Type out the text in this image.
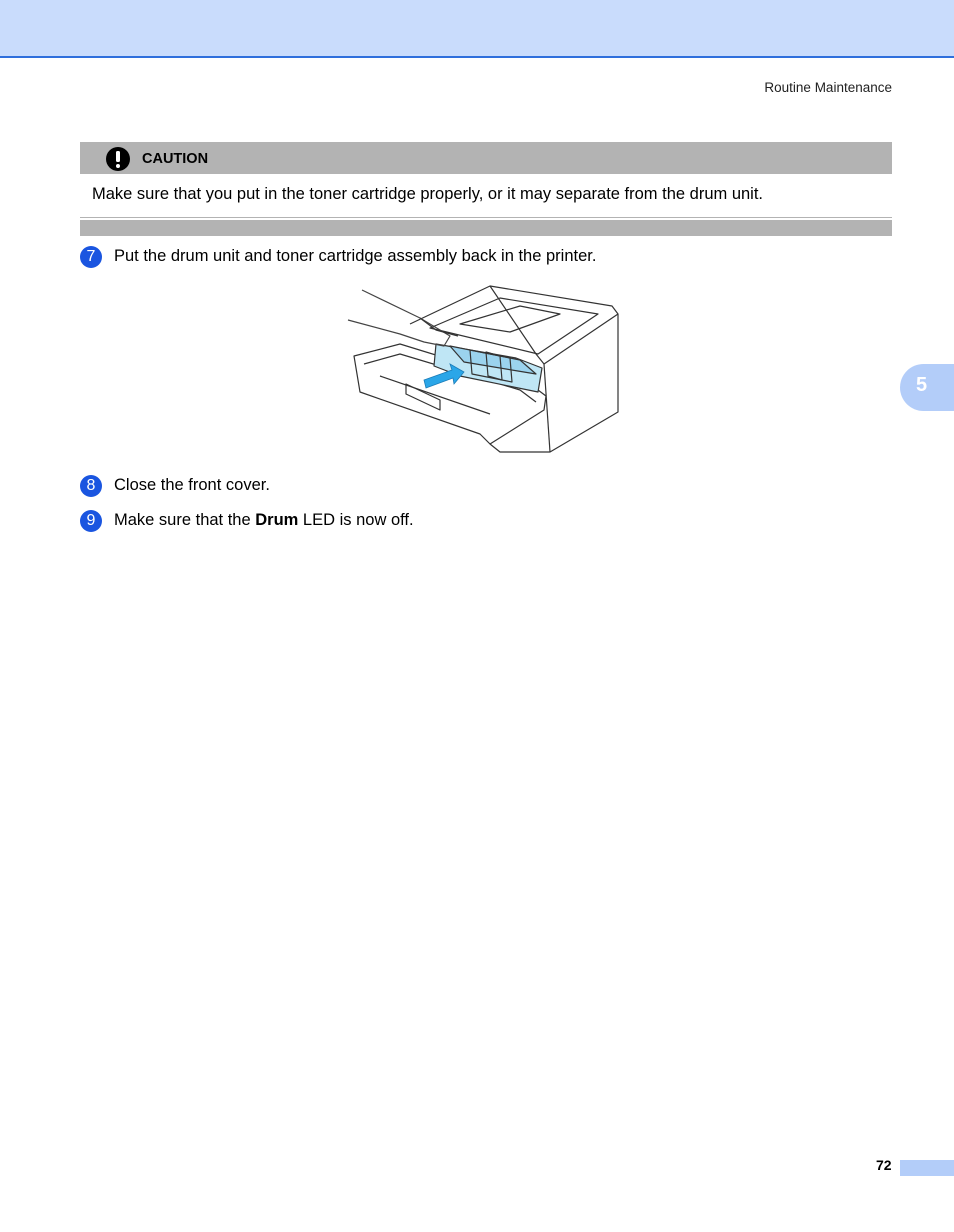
Routine Maintenance
CAUTION
Make sure that you put in the toner cartridge properly, or it may separate from the drum unit.
7	Put the drum unit and toner cartridge assembly back in the printer.
8	Close the front cover.
9	Make sure that the Drum LED is now off.
5
72
